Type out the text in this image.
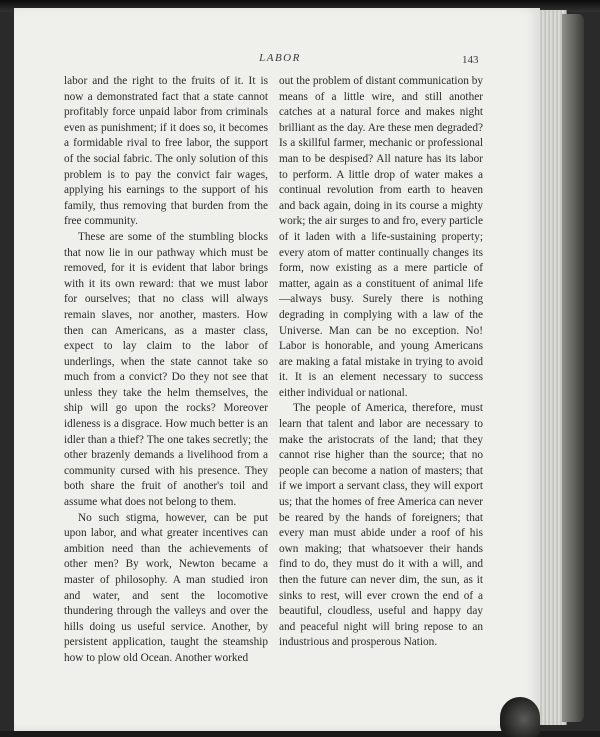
LABOR	143

labor and the right to the fruits of it. It is now a demonstrated fact that a state cannot profitably force unpaid labor from criminals even as punishment; if it does so, it becomes a formidable rival to free labor, the support of the social fabric. The only solution of this problem is to pay the convict fair wages, applying his earnings to the support of his family, thus removing that burden from the free community.

These are some of the stumbling blocks that now lie in our pathway which must be removed, for it is evident that labor brings with it its own reward: that we must labor for ourselves; that no class will always remain slaves, nor another, masters. How then can Americans, as a master class, expect to lay claim to the labor of underlings, when the state cannot take so much from a convict? Do they not see that unless they take the helm themselves, the ship will go upon the rocks? Moreover idleness is a disgrace. How much better is an idler than a thief? The one takes secretly; the other brazenly demands a livelihood from a community cursed with his presence. They both share the fruit of another's toil and assume what does not belong to them.

No such stigma, however, can be put upon labor, and what greater incentives can ambition need than the achievements of other men? By work, Newton became a master of philosophy. A man studied iron and water, and sent the locomotive thundering through the valleys and over the hills doing us useful service. Another, by persistent application, taught the steamship how to plow old Ocean. Another worked

out the problem of distant communication by means of a little wire, and still another catches at a natural force and makes night brilliant as the day. Are these men degraded? Is a skillful farmer, mechanic or professional man to be despised? All nature has its labor to perform. A little drop of water makes a continual revolution from earth to heaven and back again, doing in its course a mighty work; the air surges to and fro, every particle of it laden with a life-sustaining property; every atom of matter continually changes its form, now existing as a mere particle of matter, again as a constituent of animal life—always busy. Surely there is nothing degrading in complying with a law of the Universe. Man can be no exception. No! Labor is honorable, and young Americans are making a fatal mistake in trying to avoid it. It is an element necessary to success either individual or national.

The people of America, therefore, must learn that talent and labor are necessary to make the aristocrats of the land; that they cannot rise higher than the source; that no people can become a nation of masters; that if we import a servant class, they will export us; that the homes of free America can never be reared by the hands of foreigners; that every man must abide under a roof of his own making; that whatsoever their hands find to do, they must do it with a will, and then the future can never dim, the sun, as it sinks to rest, will ever crown the end of a beautiful, cloudless, useful and happy day and peaceful night will bring repose to an industrious and prosperous Nation.
